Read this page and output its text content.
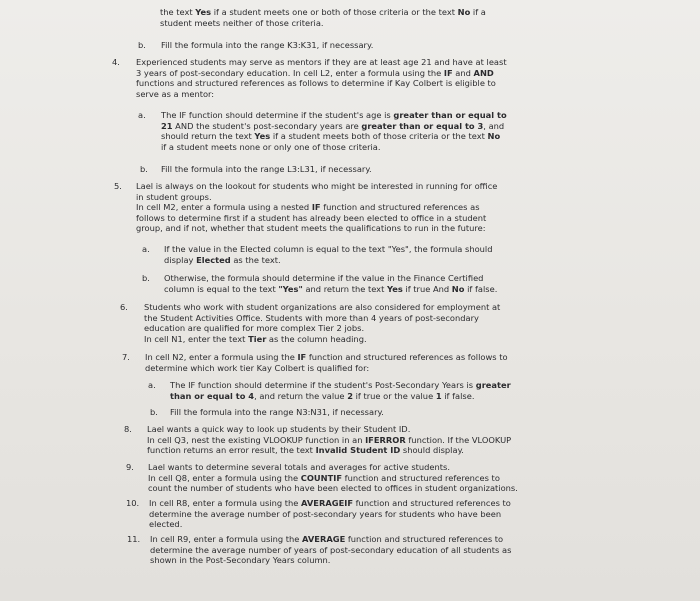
the text Yes if a student meets one or both of those criteria or the text No if a
student meets neither of those criteria.
b. Fill the formula into the range K3:K31, if necessary.
4. Experienced students may serve as mentors if they are at least age 21 and have at least
3 years of post-secondary education. In cell L2, enter a formula using the IF and AND
functions and structured references as follows to determine if Kay Colbert is eligible to
serve as a mentor:
a. The IF function should determine if the student's age is greater than or equal to
21 AND the student's post-secondary years are greater than or equal to 3, and
should return the text Yes if a student meets both of those criteria or the text No
if a student meets none or only one of those criteria.
b. Fill the formula into the range L3:L31, if necessary.
5. Lael is always on the lookout for students who might be interested in running for office
in student groups.
In cell M2, enter a formula using a nested IF function and structured references as
follows to determine first if a student has already been elected to office in a student
group, and if not, whether that student meets the qualifications to run in the future:
a. If the value in the Elected column is equal to the text "Yes", the formula should
display Elected as the text.
b. Otherwise, the formula should determine if the value in the Finance Certified
column is equal to the text "Yes" and return the text Yes if true And No if false.
6. Students who work with student organizations are also considered for employment at
the Student Activities Office. Students with more than 4 years of post-secondary
education are qualified for more complex Tier 2 jobs.
In cell N1, enter the text Tier as the column heading.
7. In cell N2, enter a formula using the IF function and structured references as follows to
determine which work tier Kay Colbert is qualified for:
a. The IF function should determine if the student's Post-Secondary Years is greater
than or equal to 4, and return the value 2 if true or the value 1 if false.
b. Fill the formula into the range N3:N31, if necessary.
8. Lael wants a quick way to look up students by their Student ID.
In cell Q3, nest the existing VLOOKUP function in an IFERROR function. If the VLOOKUP
function returns an error result, the text Invalid Student ID should display.
9. Lael wants to determine several totals and averages for active students.
In cell Q8, enter a formula using the COUNTIF function and structured references to
count the number of students who have been elected to offices in student organizations.
10. In cell R8, enter a formula using the AVERAGEIF function and structured references to
determine the average number of post-secondary years for students who have been
elected.
11. In cell R9, enter a formula using the AVERAGE function and structured references to
determine the average number of years of post-secondary education of all students as
shown in the Post-Secondary Years column.
